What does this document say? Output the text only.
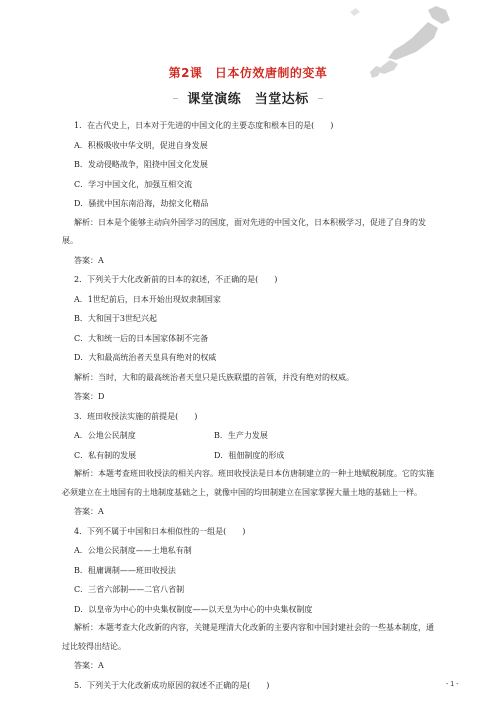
第2课　日本仿效唐制的变革
课堂演练　当堂达标
1．在古代史上，日本对于先进的中国文化的主要态度和根本目的是(　　)
A．积极吸收中华文明，促进自身发展
B．发动侵略战争，阻挠中国文化发展
C．学习中国文化，加强互相交流
D．骚扰中国东南沿海，劫掠文化精品

解析：日本是个能够主动向外国学习的国度，面对先进的中国文化，日本积极学习，促进了自身的发展。

答案：A
2．下列关于大化改新前的日本的叙述，不正确的是(　　)
A．1世纪前后，日本开始出现奴隶制国家
B．大和国于3世纪兴起
C．大和统一后的日本国家体制不完备
D．大和最高统治者天皇具有绝对的权威
解析：当时，大和的最高统治者天皇只是氏族联盟的首领，并没有绝对的权威。
答案：D
3．班田收授法实施的前提是(　　)
A．公地公民制度	B．生产力发展
C．私有制的发展	D．租佃制度的形成

解析：本题考查班田收授法的相关内容。班田收授法是日本仿唐制建立的一种土地赋税制度。它的实施必须建立在土地国有的土地制度基础之上，就像中国的均田制建立在国家掌握大量土地的基础上一样。

答案：A
4．下列不属于中国和日本相似性的一组是(　　)
A．公地公民制度——土地私有制
B．租庸调制——班田收授法
C．三省六部制——二官八省制
D．以皇帝为中心的中央集权制度——以天皇为中心的中央集权制度

解析：本题考查大化改新的内容，关键是理清大化改新的主要内容和中国封建社会的一些基本制度，通过比较得出结论。

答案：A
5．下列关于大化改新成功原因的叙述不正确的是(　　)	- 1 -
